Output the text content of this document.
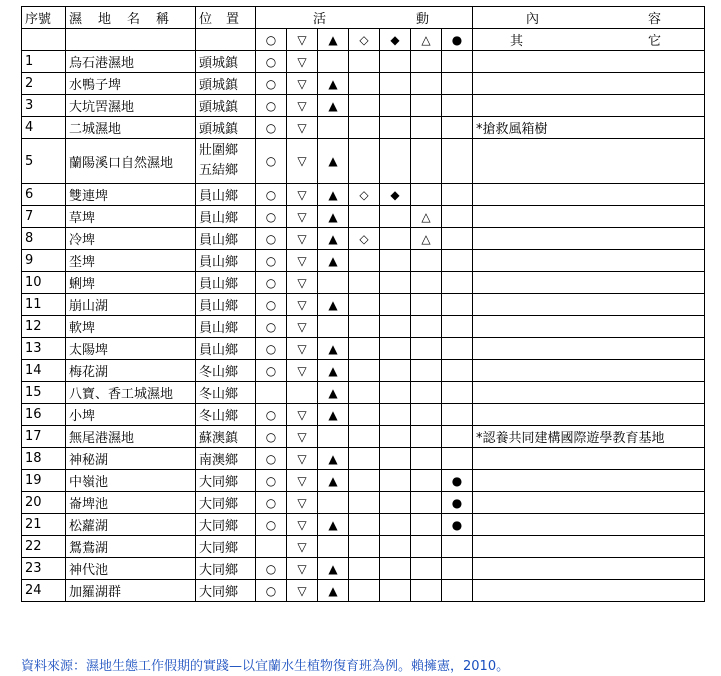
序號	濕 地 名 稱	位 置	活 動							內 容

			○	▽	▲	◇	◆	△	●	其 它

1	烏石港濕地	頭城鎮	○	▽						
2	水鴨子埤	頭城鎮	○	▽	▲					
3	大坑罟濕地	頭城鎮	○	▽	▲					
4	二城濕地	頭城鎮	○	▽						*搶救風箱樹
5	蘭陽溪口自然濕地	壯圍鄉
五結鄉	○	▽	▲					
6	雙連埤	員山鄉	○	▽	▲	◇	◆			
7	草埤	員山鄉	○	▽	▲			△		
8	冷埤	員山鄉	○	▽	▲	◇		△		
9	坔埤	員山鄉	○	▽	▲					
10	蜊埤	員山鄉	○	▽						
11	崩山湖	員山鄉	○	▽	▲					
12	軟埤	員山鄉	○	▽						
13	太陽埤	員山鄉	○	▽	▲					
14	梅花湖	冬山鄉	○	▽	▲					
15	八寶、香工城濕地	冬山鄉			▲					
16	小埤	冬山鄉	○	▽	▲					
17	無尾港濕地	蘇澳鎮	○	▽						*認養共同建構國際遊學教育基地
18	神秘湖	南澳鄉	○	▽	▲					
19	中嶺池	大同鄉	○	▽	▲				●	
20	崙埤池	大同鄉	○	▽					●	
21	松蘿湖	大同鄉	○	▽	▲				●	
22	鴛鴦湖	大同鄉		▽						
23	神代池	大同鄉	○	▽	▲					
24	加羅湖群	大同鄉	○	▽	▲					
資料來源：濕地生態工作假期的實踐—以宜蘭水生植物復育班為例。賴擁憲，2010。
